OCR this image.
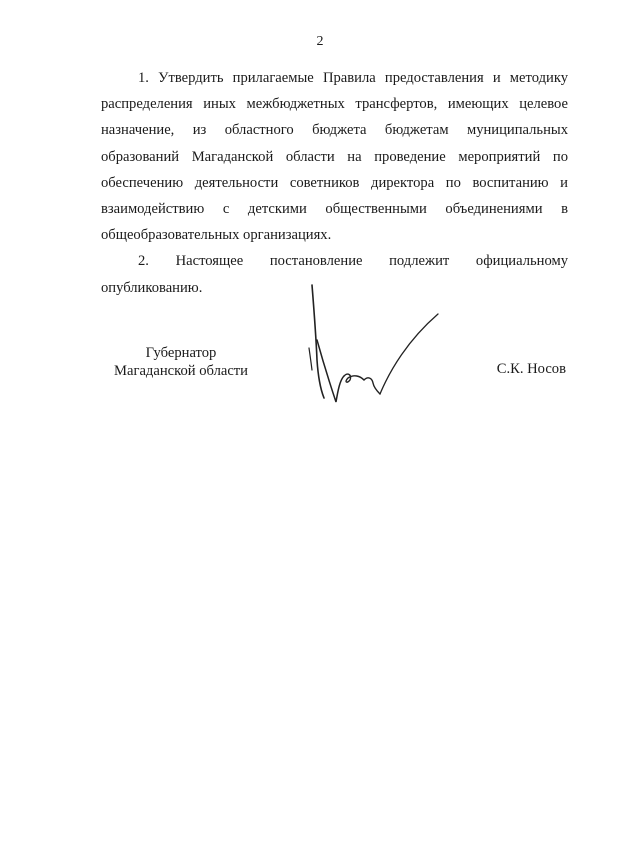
2

1. Утвердить прилагаемые Правила предоставления и методику распределения иных межбюджетных трансфертов, имеющих целевое назначение, из областного бюджета бюджетам муниципальных образований Магаданской области на проведение мероприятий по обеспечению деятельности советников директора по воспитанию и взаимодействию с детскими общественными объединениями в общеобразовательных организациях.

2. Настоящее постановление подлежит официальному опубликованию.

Губернатор
Магаданской области	С.К. Носов
